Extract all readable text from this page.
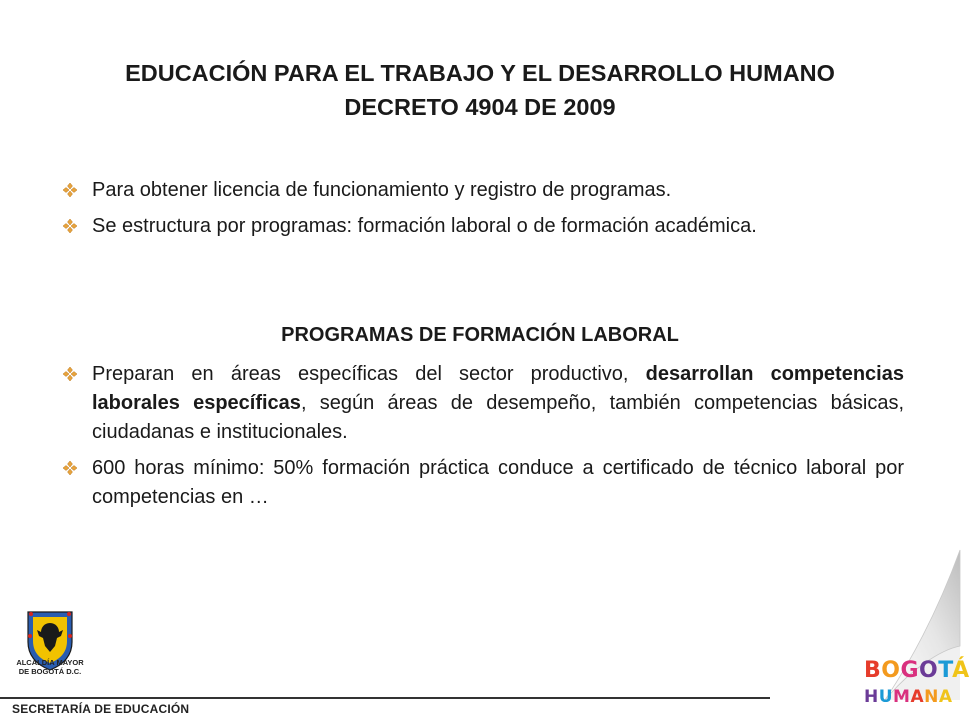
EDUCACIÓN PARA EL TRABAJO Y EL DESARROLLO HUMANO
DECRETO 4904 DE 2009
Para obtener licencia de funcionamiento y registro de programas.
Se estructura por programas: formación laboral o de formación académica.
PROGRAMAS DE FORMACIÓN LABORAL
Preparan en áreas específicas del sector productivo, desarrollan competencias laborales específicas, según áreas de desempeño, también competencias básicas, ciudadanas e institucionales.
600 horas mínimo: 50% formación práctica conduce a certificado de técnico laboral por competencias en …
ALCALDÍA MAYOR
DE BOGOTÁ D.C.
SECRETARÍA DE EDUCACIÓN
BOGOTÁ
HUMANA
